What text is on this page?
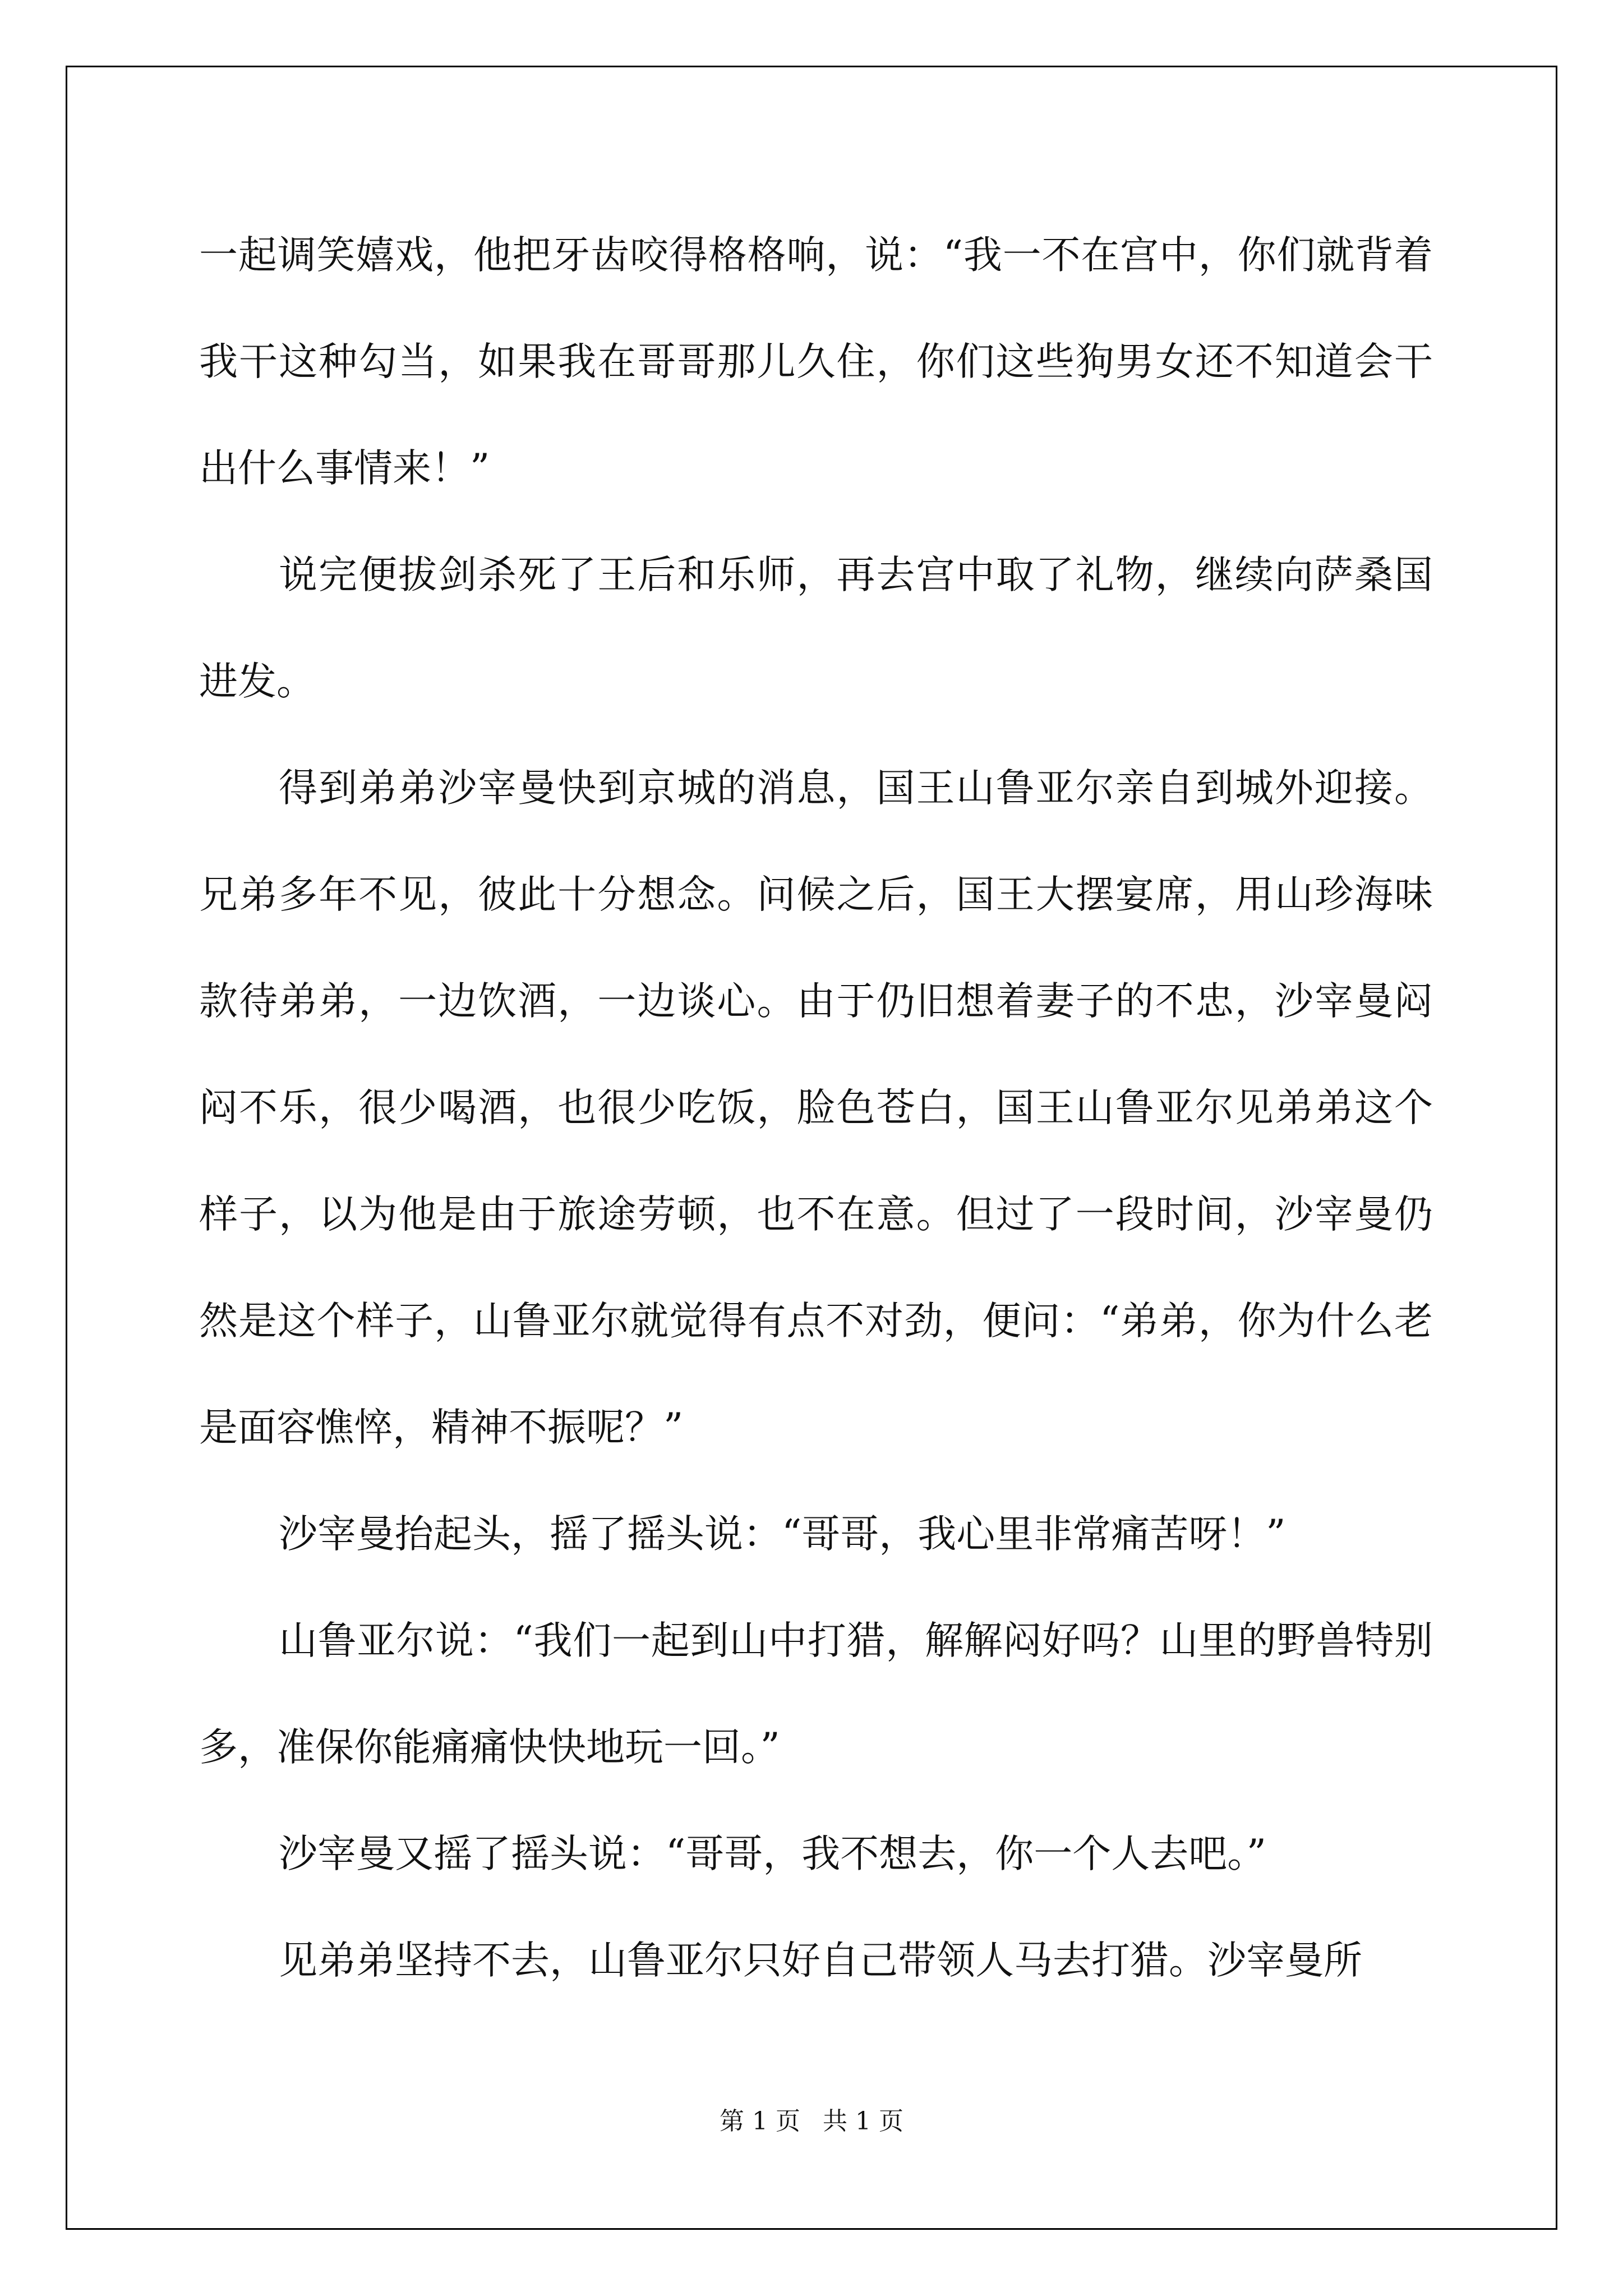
一起调笑嬉戏，他把牙齿咬得格格响，说：“我一不在宫中，你们就背着我干这种勾当，如果我在哥哥那儿久住，你们这些狗男女还不知道会干出什么事情来！”

说完便拔剑杀死了王后和乐师，再去宫中取了礼物，继续向萨桑国进发。

得到弟弟沙宰曼快到京城的消息，国王山鲁亚尔亲自到城外迎接。兄弟多年不见，彼此十分想念。问候之后，国王大摆宴席，用山珍海味款待弟弟，一边饮酒，一边谈心。由于仍旧想着妻子的不忠，沙宰曼闷闷不乐，很少喝酒，也很少吃饭，脸色苍白，国王山鲁亚尔见弟弟这个样子，以为他是由于旅途劳顿，也不在意。但过了一段时间，沙宰曼仍然是这个样子，山鲁亚尔就觉得有点不对劲，便问：“弟弟，你为什么老是面容憔悴，精神不振呢？”

沙宰曼抬起头，摇了摇头说：“哥哥，我心里非常痛苦呀！”

山鲁亚尔说：“我们一起到山中打猎，解解闷好吗？山里的野兽特别多，准保你能痛痛快快地玩一回。”

沙宰曼又摇了摇头说：“哥哥，我不想去，你一个人去吧。”

见弟弟坚持不去，山鲁亚尔只好自己带领人马去打猎。沙宰曼所

第 1 页 共 1 页
